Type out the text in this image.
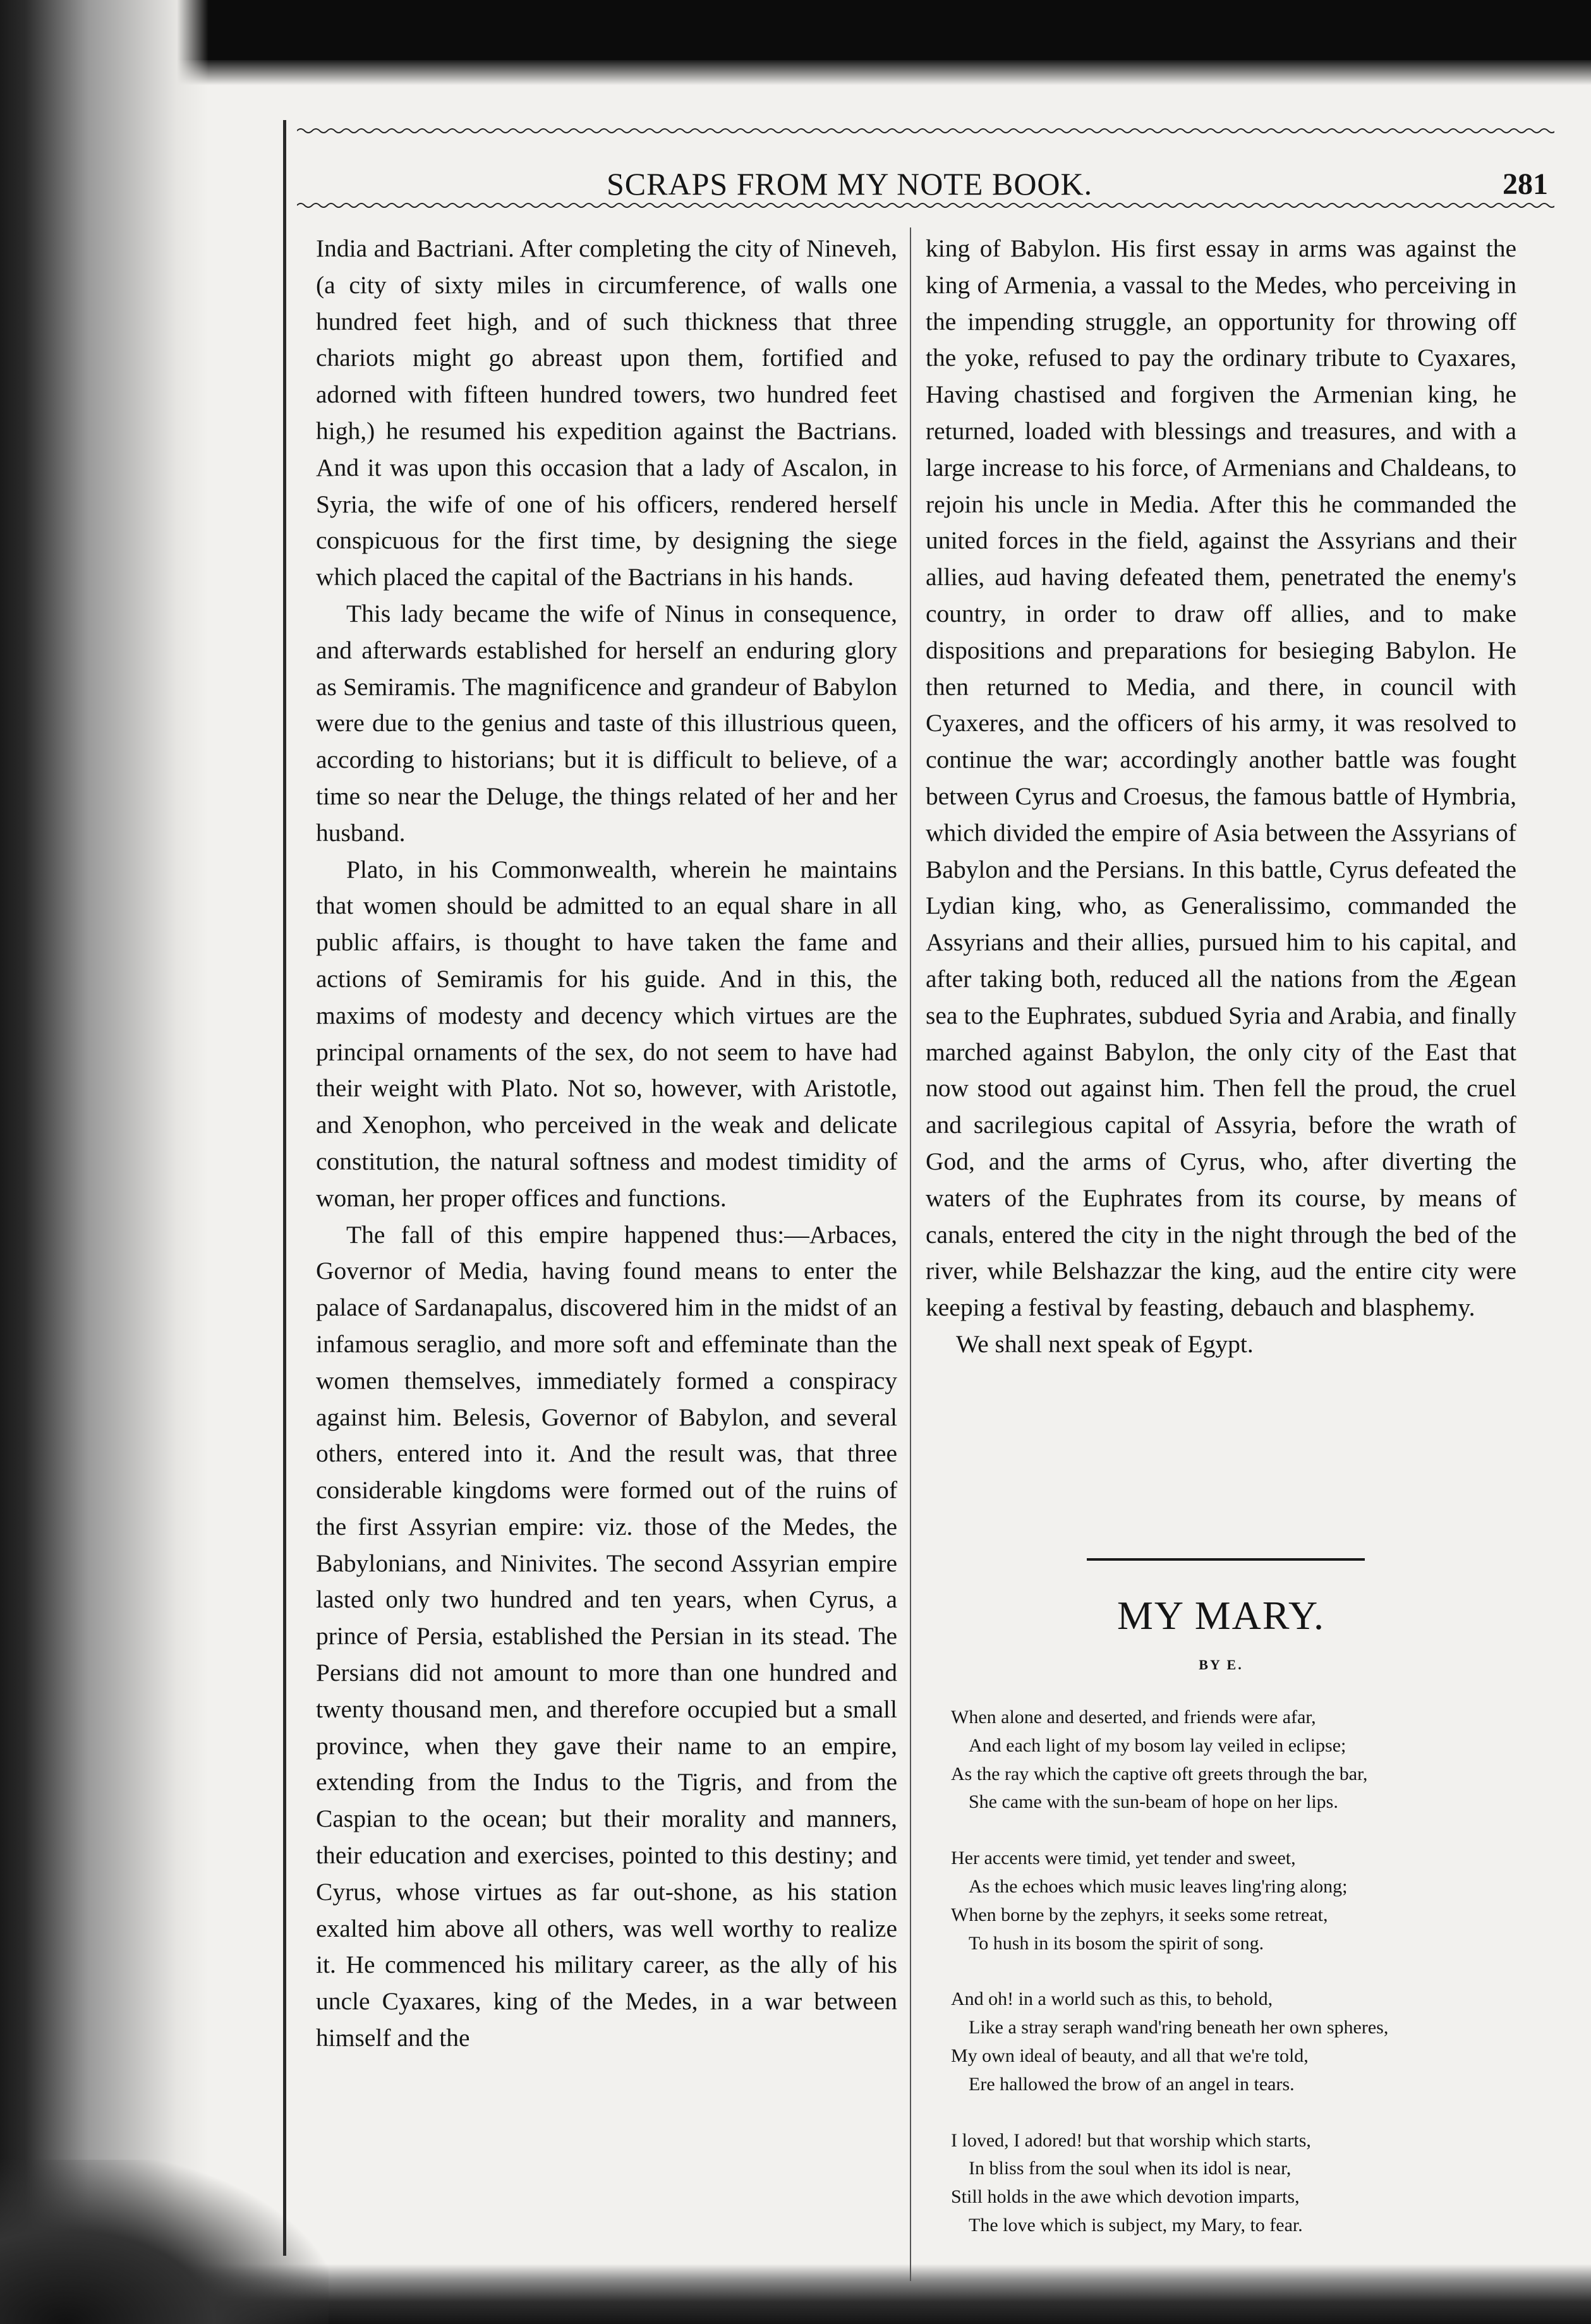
SCRAPS FROM MY NOTE BOOK.	281

India and Bactriani. After completing the city of Nineveh,(a city of sixty miles in circumference, of walls one hundred feet high, and of such thickness that three chariots might go abreast upon them, fortified and adorned with fifteen hundred towers, two hundred feet high,) he resumed his expedition against the Bactrians. And it was upon this occasion that a lady of Ascalon, in Syria, the wife of one of his officers, rendered herself conspicuous for the first time, by designing the siege which placed the capital of the Bactrians in his hands.

This lady became the wife of Ninus in consequence, and afterwards established for herself an enduring glory as Semiramis. The magnificence and grandeur of Babylon were due to the genius and taste of this illustrious queen, according to historians; but it is difficult to believe, of a time so near the Deluge, the things related of her and her husband.

Plato, in his Commonwealth, wherein he maintains that women should be admitted to an equal share in all public affairs, is thought to have taken the fame and actions of Semiramis for his guide. And in this, the maxims of modesty and decency which virtues are the principal ornaments of the sex, do not seem to have had their weight with Plato. Not so, however, with Aristotle, and Xenophon, who perceived in the weak and delicate constitution, the natural softness and modest timidity of woman, her proper offices and functions.

The fall of this empire happened thus:—Arbaces, Governor of Media, having found means to enter the palace of Sardanapalus, discovered him in the midst of an infamous seraglio, and more soft and effeminate than the women themselves, immediately formed a conspiracy against him. Belesis, Governor of Babylon, and several others, entered into it. And the result was, that three considerable kingdoms were formed out of the ruins of the first Assyrian empire: viz. those of the Medes, the Babylonians, and Ninivites. The second Assyrian empire lasted only two hundred and ten years, when Cyrus, a prince of Persia, established the Persian in its stead. The Persians did not amount to more than one hundred and twenty thousand men, and therefore occupied but a small province, when they gave their name to an empire, extending from the Indus to the Tigris, and from the Caspian to the ocean; but their morality and manners, their education and exercises, pointed to this destiny; and Cyrus, whose virtues as far out-shone, as his station exalted him above all others, was well worthy to realize it. He commenced his military career, as the ally of his uncle Cyaxares, king of the Medes, in a war between himself and the

king of Babylon. His first essay in arms was against the king of Armenia, a vassal to the Medes, who perceiving in the impending struggle, an opportunity for throwing off the yoke, refused to pay the ordinary tribute to Cyaxares, Having chastised and forgiven the Armenian king, he returned, loaded with blessings and treasures, and with a large increase to his force, of Armenians and Chaldeans, to rejoin his uncle in Media. After this he commanded the united forces in the field, against the Assyrians and their allies, aud having defeated them, penetrated the enemy's country, in order to draw off allies, and to make dispositions and preparations for besieging Babylon. He then returned to Media, and there, in council with Cyaxeres, and the officers of his army, it was resolved to continue the war; accordingly another battle was fought between Cyrus and Croesus, the famous battle of Hymbria, which divided the empire of Asia between the Assyrians of Babylon and the Persians. In this battle, Cyrus defeated the Lydian king, who, as Generalissimo, commanded the Assyrians and their allies, pursued him to his capital, and after taking both, reduced all the nations from the Ægean sea to the Euphrates, subdued Syria and Arabia, and finally marched against Babylon, the only city of the East that now stood out against him. Then fell the proud, the cruel and sacrilegious capital of Assyria, before the wrath of God, and the arms of Cyrus, who, after diverting the waters of the Euphrates from its course, by means of canals, entered the city in the night through the bed of the river, while Belshazzar the king, aud the entire city were keeping a festival by feasting, debauch and blasphemy.

We shall next speak of Egypt.

MY MARY.
BY E.
When alone and deserted, and friends were afar,
And each light of my bosom lay veiled in eclipse;
As the ray which the captive oft greets through the bar,
She came with the sun-beam of hope on her lips.
Her accents were timid, yet tender and sweet,
As the echoes which music leaves ling'ring along;
When borne by the zephyrs, it seeks some retreat,
To hush in its bosom the spirit of song.
And oh! in a world such as this, to behold,
Like a stray seraph wand'ring beneath her own spheres,
My own ideal of beauty, and all that we're told,
Ere hallowed the brow of an angel in tears.
I loved, I adored! but that worship which starts,
In bliss from the soul when its idol is near,
Still holds in the awe which devotion imparts,
The love which is subject, my Mary, to fear.
